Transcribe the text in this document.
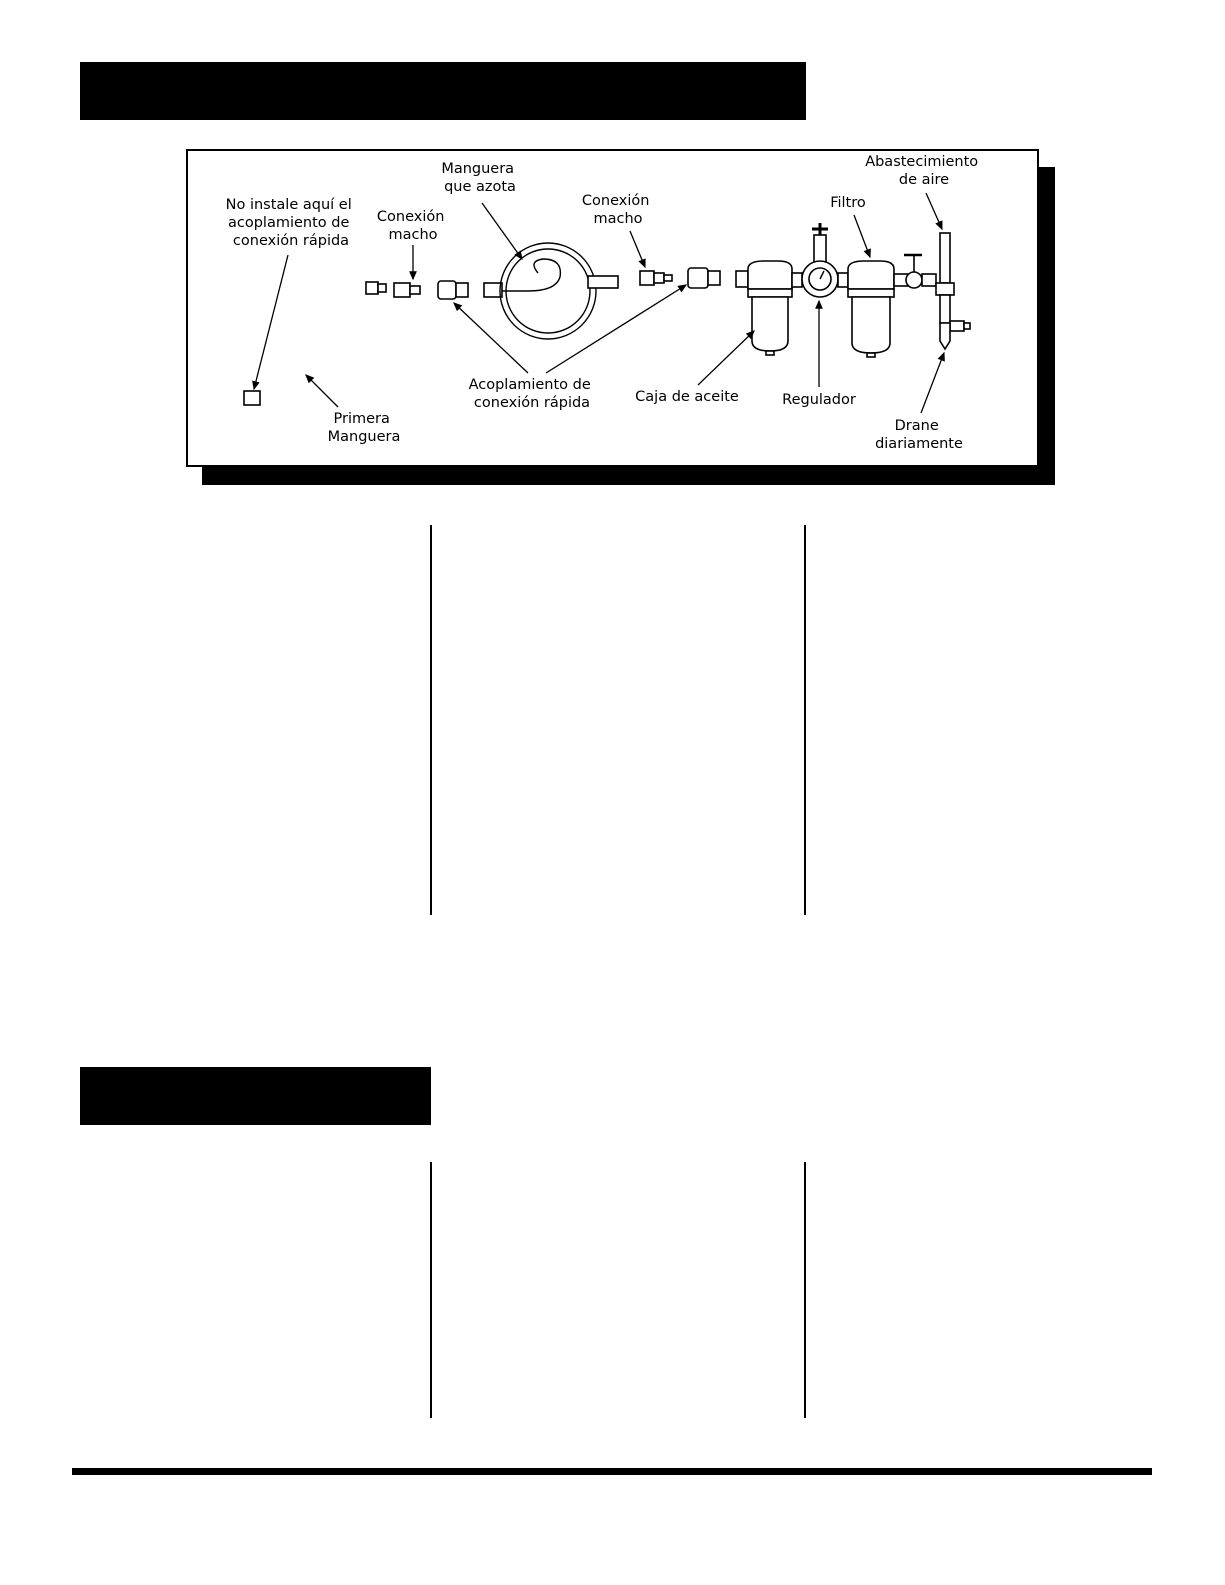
No instale aquí el acoplamiento de conexión rápida
Conexión macho
Manguera que azota
Conexión macho
Filtro
Abastecimiento de aire
Primera Manguera
Acoplamiento de conexión rápida	Caja de aceite	Regulador
Drane diariamente
